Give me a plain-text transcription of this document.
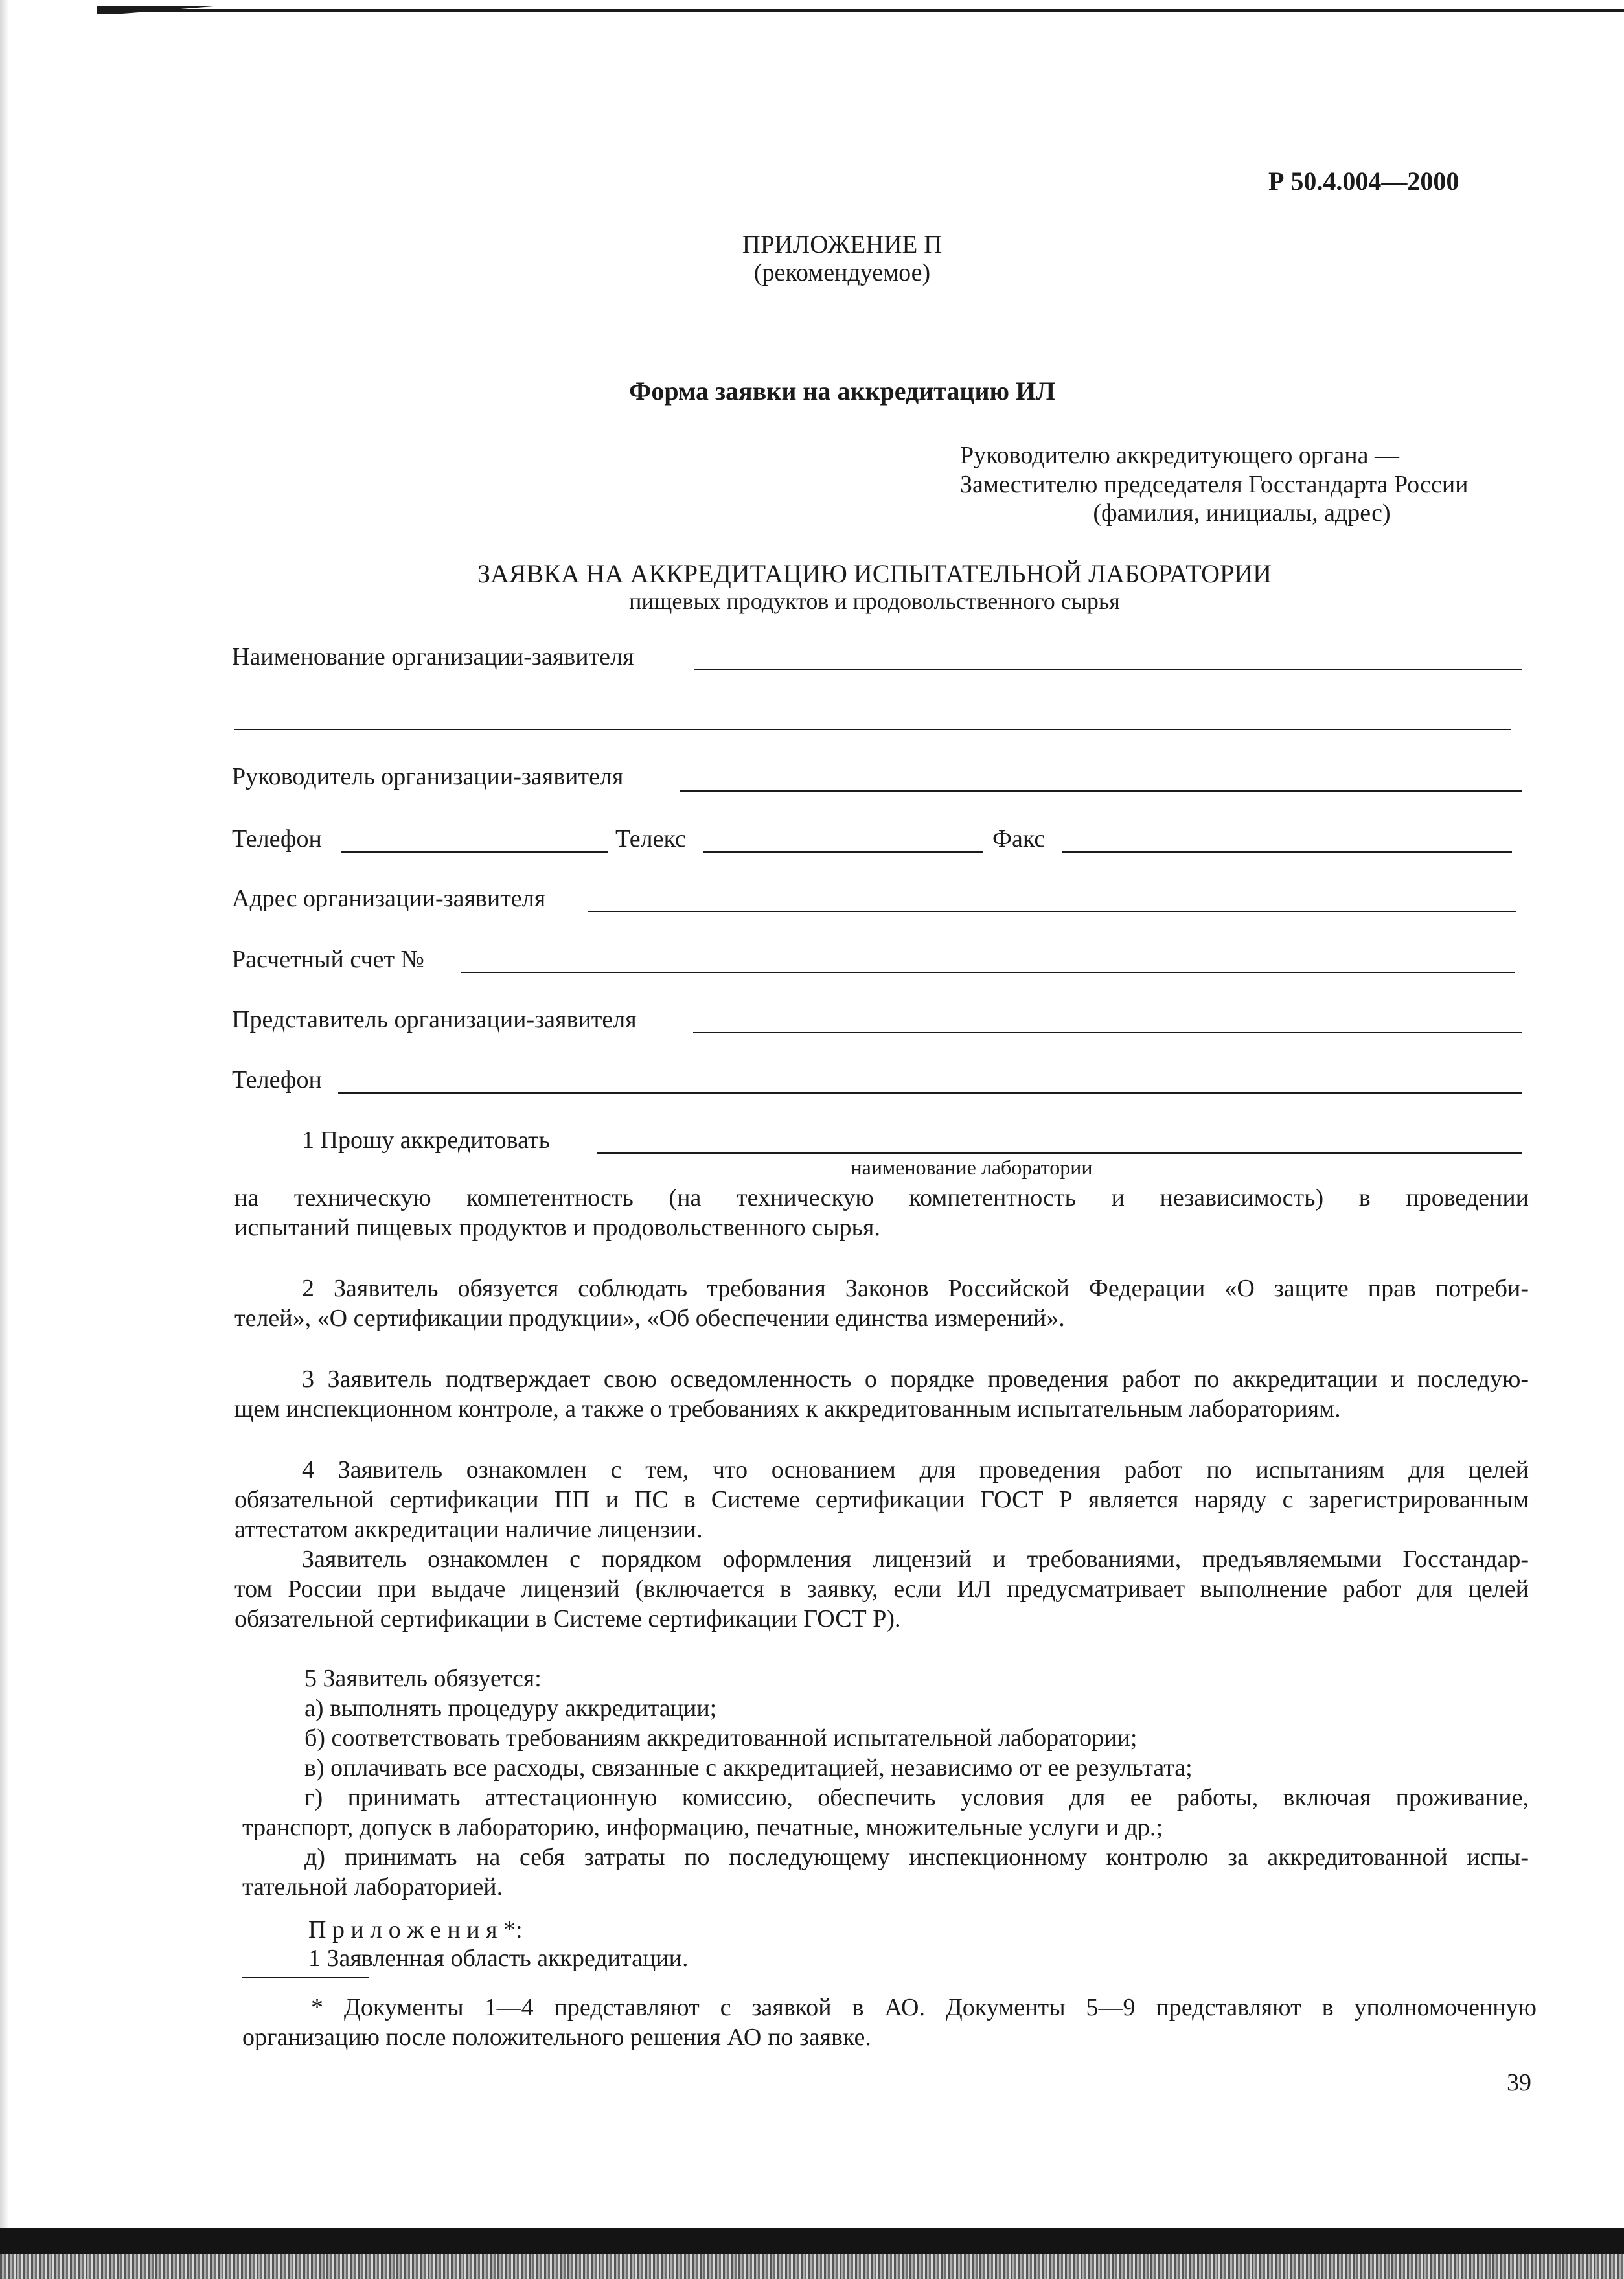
Р 50.4.004—2000
ПРИЛОЖЕНИЕ П
(рекомендуемое)
Форма заявки на аккредитацию ИЛ
Руководителю аккредитующего органа —
Заместителю председателя Госстандарта России
(фамилия, инициалы, адрес)
ЗАЯВКА НА АККРЕДИТАЦИЮ ИСПЫТАТЕЛЬНОЙ ЛАБОРАТОРИИ
пищевых продуктов и продовольственного сырья
Наименование организации-заявителя
Руководитель организации-заявителя
Телефон	Телекс	Факс
Адрес организации-заявителя
Расчетный счет №
Представитель организации-заявителя
Телефон
1 Прошу аккредитовать
наименование лаборатории
на техническую компетентность (на техническую компетентность и независимость) в проведении
испытаний пищевых продуктов и продовольственного сырья.
2 Заявитель обязуется соблюдать требования Законов Российской Федерации «О защите прав потреби-
телей», «О сертификации продукции», «Об обеспечении единства измерений».
3 Заявитель подтверждает свою осведомленность о порядке проведения работ по аккредитации и последую-
щем инспекционном контроле, а также о требованиях к аккредитованным испытательным лабораториям.
4 Заявитель ознакомлен с тем, что основанием для проведения работ по испытаниям для целей
обязательной сертификации ПП и ПС в Системе сертификации ГОСТ Р является наряду с зарегистрированным
аттестатом аккредитации наличие лицензии.
Заявитель ознакомлен с порядком оформления лицензий и требованиями, предъявляемыми Госстандар-
том России при выдаче лицензий (включается в заявку, если ИЛ предусматривает выполнение работ для целей
обязательной сертификации в Системе сертификации ГОСТ Р).
5 Заявитель обязуется:
а) выполнять процедуру аккредитации;
б) соответствовать требованиям аккредитованной испытательной лаборатории;
в) оплачивать все расходы, связанные с аккредитацией, независимо от ее результата;
г) принимать аттестационную комиссию, обеспечить условия для ее работы, включая проживание,
транспорт, допуск в лабораторию, информацию, печатные, множительные услуги и др.;
д) принимать на себя затраты по последующему инспекционному контролю за аккредитованной испы-
тательной лабораторией.
П р и л о ж е н и я *:
1 Заявленная область аккредитации.
* Документы 1—4 представляют с заявкой в АО. Документы 5—9 представляют в уполномоченную
организацию после положительного решения АО по заявке.
39
